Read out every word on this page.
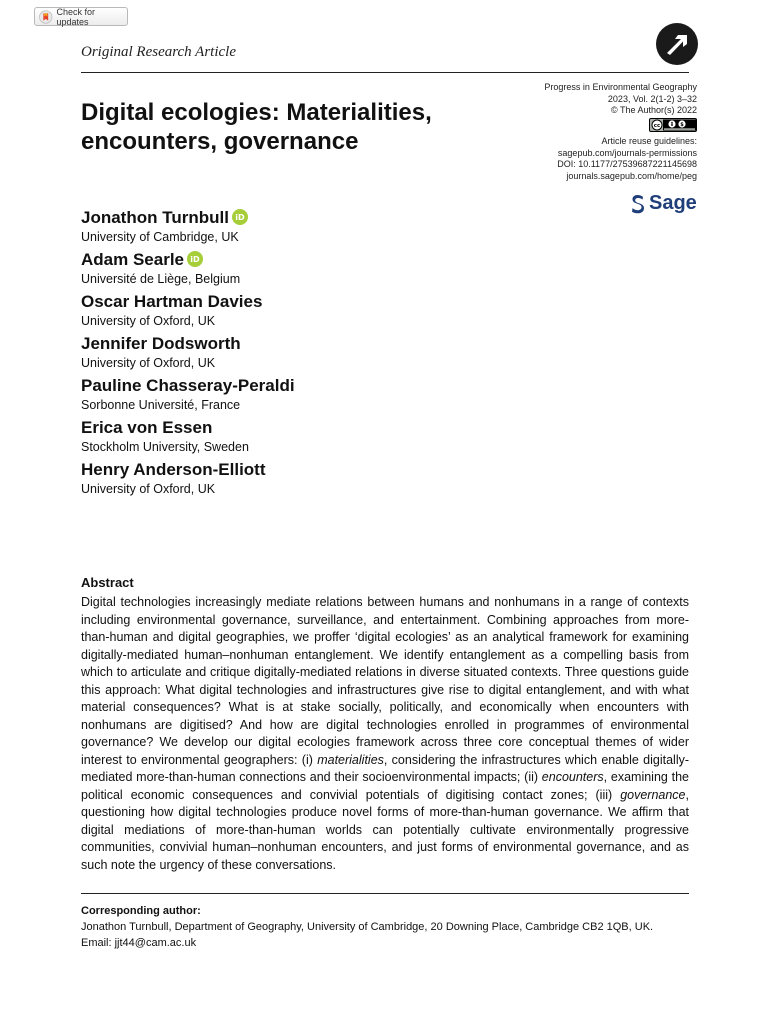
Check for updates
Original Research Article
Digital ecologies: Materialities, encounters, governance
Progress in Environmental Geography
2023, Vol. 2(1-2) 3–32
© The Author(s) 2022
cc	$
Article reuse guidelines:
sagepub.com/journals-permissions
DOI: 10.1177/27539687221145698
journals.sagepub.com/home/peg
Sage
Jonathon Turnbull iD
University of Cambridge, UK
Adam Searle iD
Université de Liège, Belgium
Oscar Hartman Davies
University of Oxford, UK
Jennifer Dodsworth
University of Oxford, UK
Pauline Chasseray-Peraldi
Sorbonne Université, France
Erica von Essen
Stockholm University, Sweden
Henry Anderson-Elliott
University of Oxford, UK
Abstract

Digital technologies increasingly mediate relations between humans and nonhumans in a range of contexts including environmental governance, surveillance, and entertainment. Combining approaches from more-than-human and digital geographies, we proffer ‘digital ecologies’ as an analytical framework for examining digitally-mediated human–nonhuman entanglement. We identify entanglement as a compelling basis from which to articulate and critique digitally-mediated relations in diverse situated contexts. Three questions guide this approach: What digital technologies and infrastructures give rise to digital entanglement, and with what material consequences? What is at stake socially, politically, and economically when encounters with nonhumans are digitised? And how are digital technologies enrolled in programmes of environmental governance? We develop our digital ecologies framework across three core conceptual themes of wider interest to environmental geographers: (i) materialities, considering the infrastructures which enable digitally-mediated more-than-human connections and their socioenvironmental impacts; (ii) encounters, examining the political economic consequences and convivial potentials of digitising contact zones; (iii) governance, questioning how digital technologies produce novel forms of more-than-human governance. We affirm that digital mediations of more-than-human worlds can potentially cultivate environmentally progressive communities, convivial human–nonhuman encounters, and just forms of environmental governance, and as such note the urgency of these conversations.

Corresponding author:
Jonathon Turnbull, Department of Geography, University of Cambridge, 20 Downing Place, Cambridge CB2 1QB, UK.
Email: jjt44@cam.ac.uk
